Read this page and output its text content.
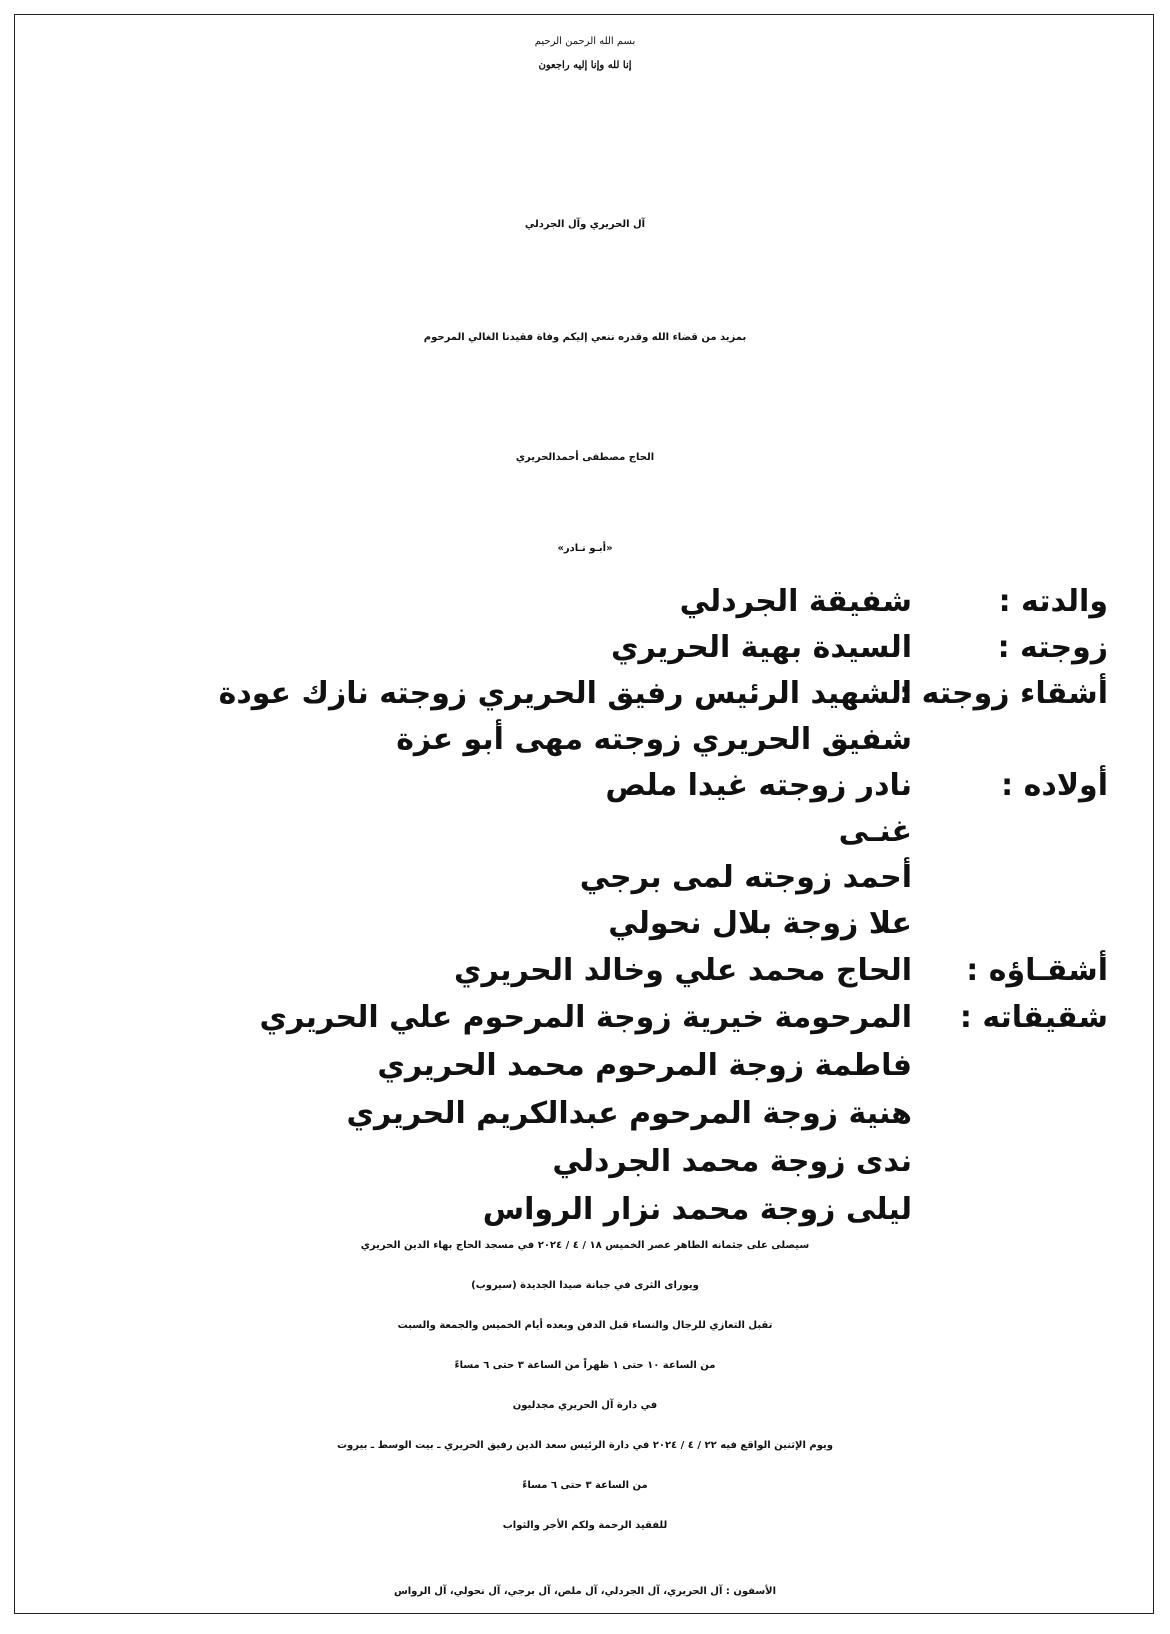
بسم الله الرحمن الرحيم
إنا لله وإنا إليه راجعون
آل الحريري وآل الجردلي
بمزيد من قضاء الله وقدره ننعي إليكم وفاة فقيدنا الغالي المرحوم
الحاج مصطفى أحمدالحريري
«أبـو نـادر»
والدته :
شفيقة الجردلي
زوجته :
السيدة بهية الحريري
أشقاء زوجته :
الشهيد الرئيس رفيق الحريري زوجته نازك عودة
شفيق الحريري زوجته مهى أبو عزة
أولاده :
نادر زوجته غيدا ملص
غنـى
أحمد زوجته لمى برجي
علا زوجة بلال نحولي
أشقـاؤه :
الحاج محمد علي وخالد الحريري
شقيقاته :
المرحومة خيرية زوجة المرحوم علي الحريري
فاطمة زوجة المرحوم محمد الحريري
هنية زوجة المرحوم عبدالكريم الحريري
ندى زوجة محمد الجردلي
ليلى زوجة محمد نزار الرواس
سيصلى على جثمانه الطاهر عصر الخميس ١٨ / ٤ / ٢٠٢٤ في مسجد الحاج بهاء الدين الحريري
ويوراى الثرى في جبانة صيدا الجديدة (سيروب)
تقبل التعازي للرجال والنساء قبل الدفن وبعده أيام الخميس والجمعة والسبت
من الساعة ١٠ حتى ١ ظهراً من الساعة ٣ حتى ٦ مساءً
في دارة آل الحريري مجدليون
ويوم الإثنين الواقع فيه ٢٢ / ٤ / ٢٠٢٤ في دارة الرئيس سعد الدين رفيق الحريري ـ بيت الوسط ـ بيروت
من الساعة ٣ حتى ٦ مساءً
للفقيد الرحمة ولكم الأجر والثواب
الأسفون : آل الحريري، آل الجردلي، آل ملص، آل برجي، آل نحولي، آل الرواس
